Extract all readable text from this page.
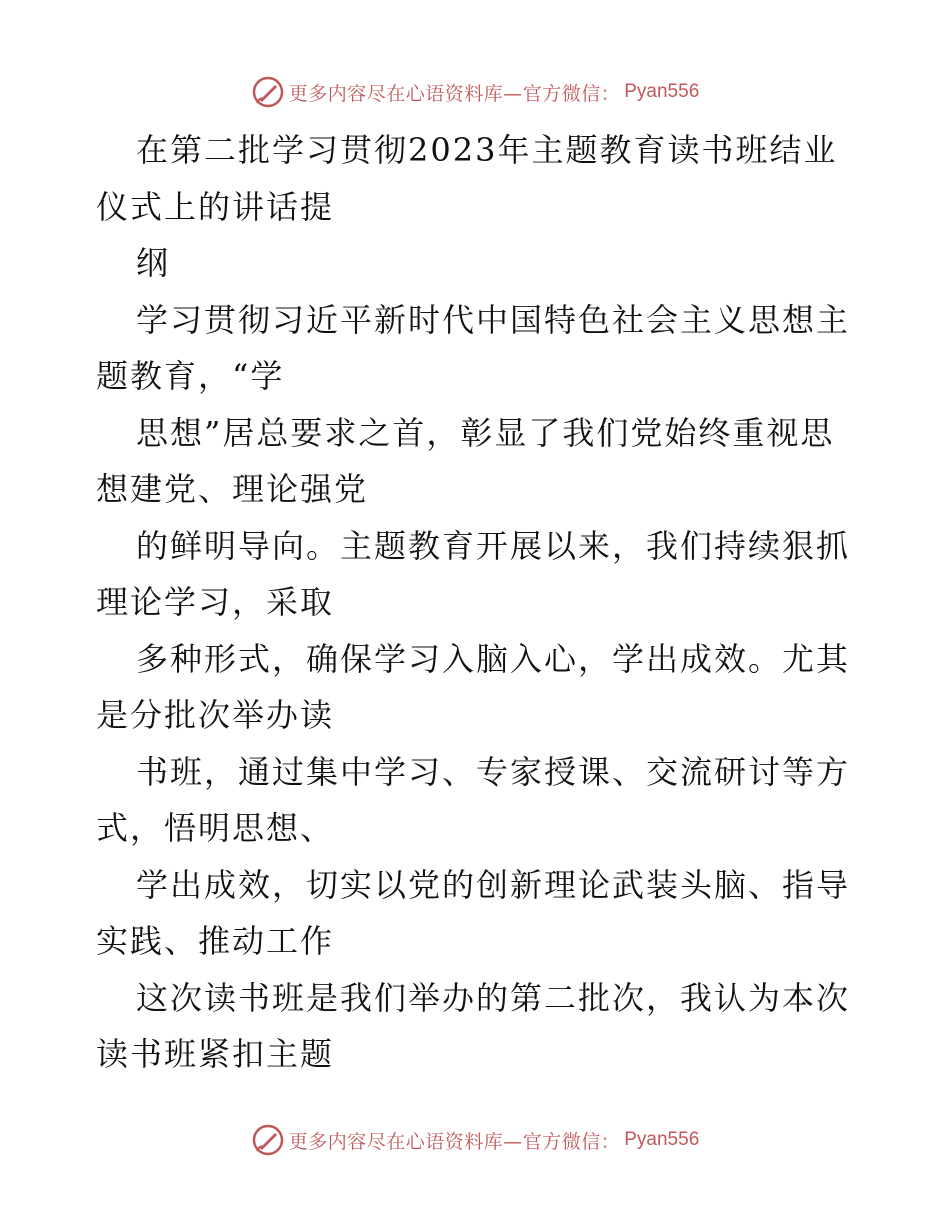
更多内容尽在心语资料库—官方微信： Pyan556
在第二批学习贯彻2023年主题教育读书班结业
仪式上的讲话提
纲
学习贯彻习近平新时代中国特色社会主义思想主
题教育，“学
思想”居总要求之首，彰显了我们党始终重视思
想建党、理论强党
的鲜明导向。主题教育开展以来，我们持续狠抓
理论学习，采取
多种形式，确保学习入脑入心，学出成效。尤其
是分批次举办读
书班，通过集中学习、专家授课、交流研讨等方
式，悟明思想、
学出成效，切实以党的创新理论武装头脑、指导
实践、推动工作
这次读书班是我们举办的第二批次，我认为本次
读书班紧扣主题
更多内容尽在心语资料库—官方微信： Pyan556
